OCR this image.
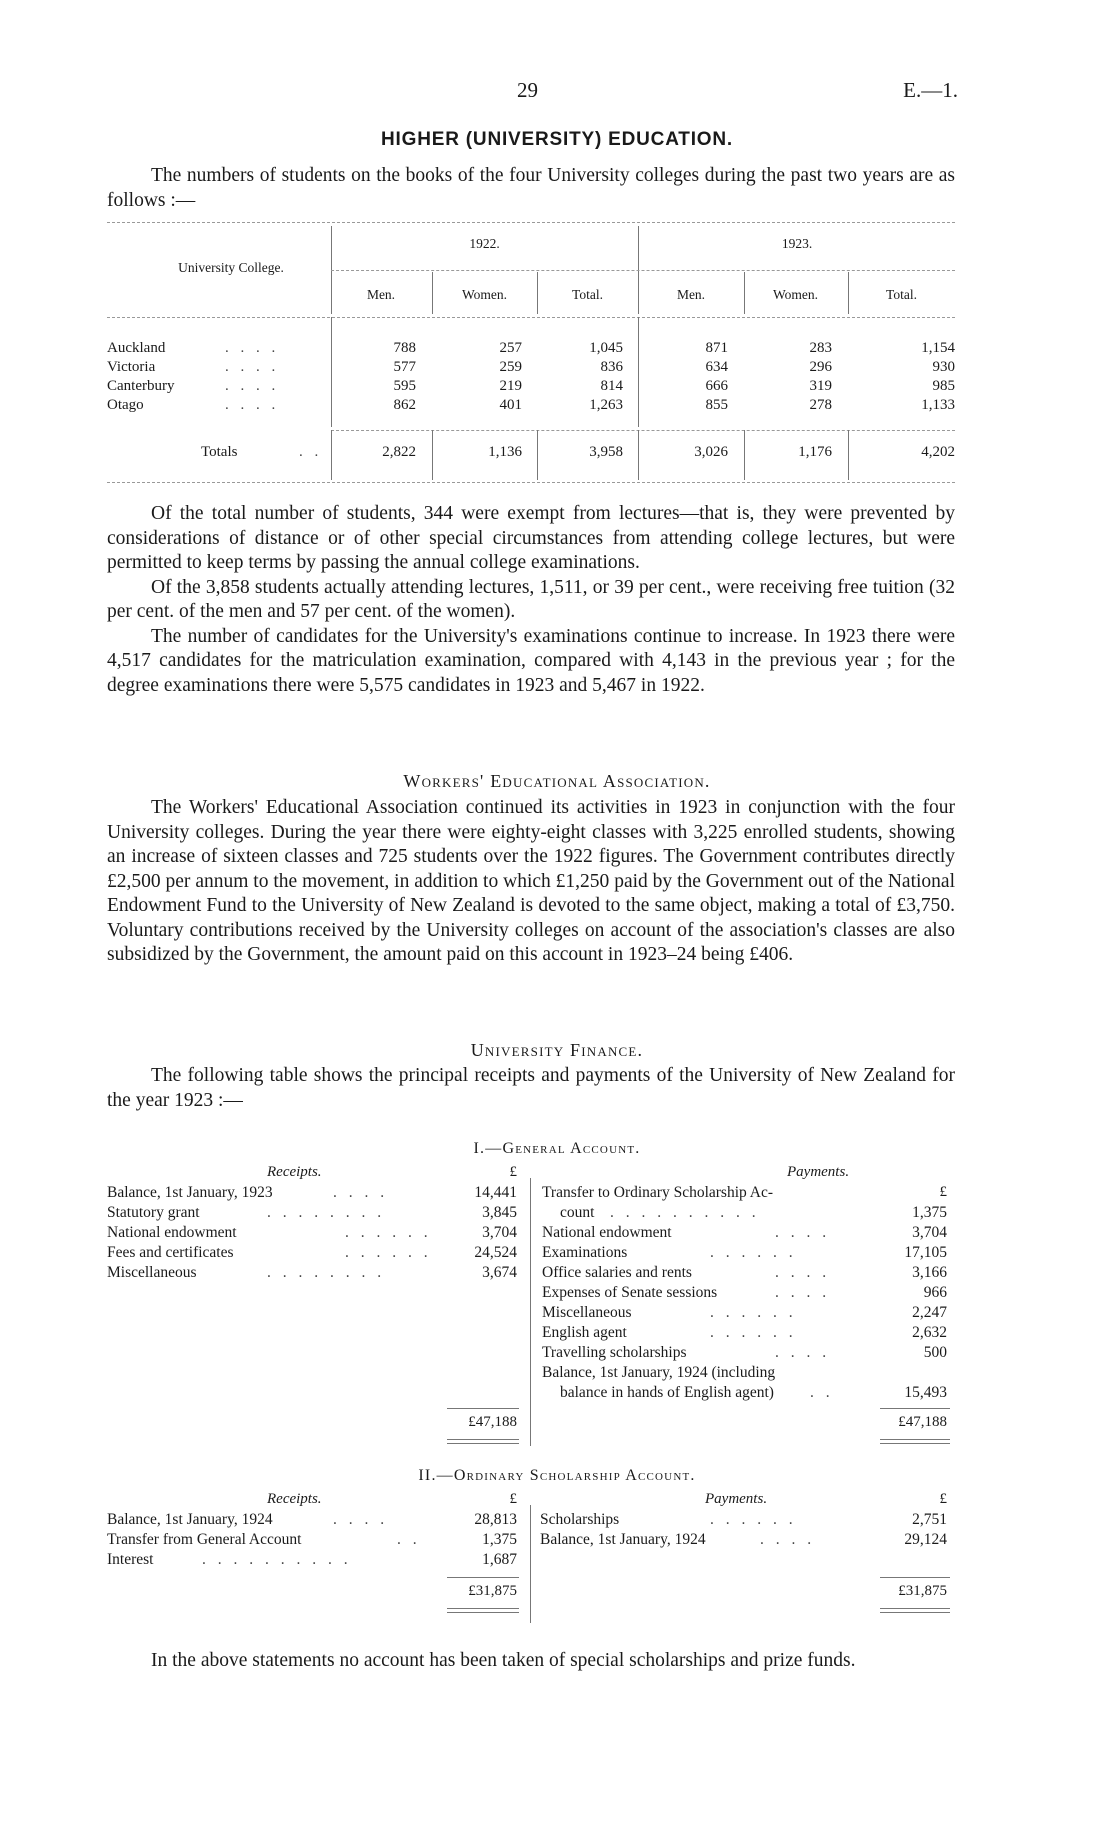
29	E.—1.
HIGHER (UNIVERSITY) EDUCATION.

The numbers of students on the books of the four University colleges during the past two years are as follows :—

University College.
1922.	1923.
Men.	Women.	Total.	Men.	Women.	Total.
Auckland	. . . .	788	257	1,045	871	283	1,154
Victoria	. . . .	577	259	836	634	296	930
Canterbury	. . . .	595	219	814	666	319	985
Otago	. . . .	862	401	1,263	855	278	1,133
Totals	. .	2,822	1,136	3,958	3,026	1,176	4,202

Of the total number of students, 344 were exempt from lectures—that is, they were prevented by considerations of distance or of other special circumstances from attending college lectures, but were permitted to keep terms by passing the annual college examinations.

Of the 3,858 students actually attending lectures, 1,511, or 39 per cent., were receiving free tuition (32 per cent. of the men and 57 per cent. of the women).

The number of candidates for the University's examinations continue to increase. In 1923 there were 4,517 candidates for the matriculation examination, compared with 4,143 in the previous year ; for the degree examinations there were 5,575 candidates in 1923 and 5,467 in 1922.

Workers' Educational Association.

The Workers' Educational Association continued its activities in 1923 in conjunction with the four University colleges. During the year there were eighty-eight classes with 3,225 enrolled students, showing an increase of sixteen classes and 725 students over the 1922 figures. The Government contributes directly £2,500 per annum to the movement, in addition to which £1,250 paid by the Government out of the National Endowment Fund to the University of New Zealand is devoted to the same object, making a total of £3,750. Voluntary contributions received by the University colleges on account of the association's classes are also subsidized by the Government, the amount paid on this account in 1923–24 being £406.

University Finance.

The following table shows the principal receipts and payments of the University of New Zealand for the year 1923 :—

I.—General Account.
Receipts.	£	Payments.
£
Balance, 1st January, 1923	. . . .	14,441
Statutory grant	. . . . . . . .	3,845
National endowment	. . . . . .	3,704
Fees and certificates	. . . . . .	24,524
Miscellaneous	. . . . . . . .	3,674
Transfer to Ordinary Scholarship Ac-
count . . . . . . . . . .	1,375
National endowment	. . . .	3,704
Examinations	. . . . . .	17,105
Office salaries and rents	. . . .	3,166
Expenses of Senate sessions	. . . .	966
Miscellaneous	. . . . . .	2,247
English agent	. . . . . .	2,632
Travelling scholarships	. . . .	500
Balance, 1st January, 1924 (including
balance in hands of English agent) . .	15,493
£47,188	£47,188
II.—Ordinary Scholarship Account.
Receipts.	£	Payments.	£
Balance, 1st January, 1924	. . . .	28,813
Transfer from General Account	. .	1,375
Interest	. . . . . . . . . .	1,687
Scholarships	. . . . . .	2,751
Balance, 1st January, 1924	. . . .	29,124
£31,875	£31,875

In the above statements no account has been taken of special scholarships and prize funds.
